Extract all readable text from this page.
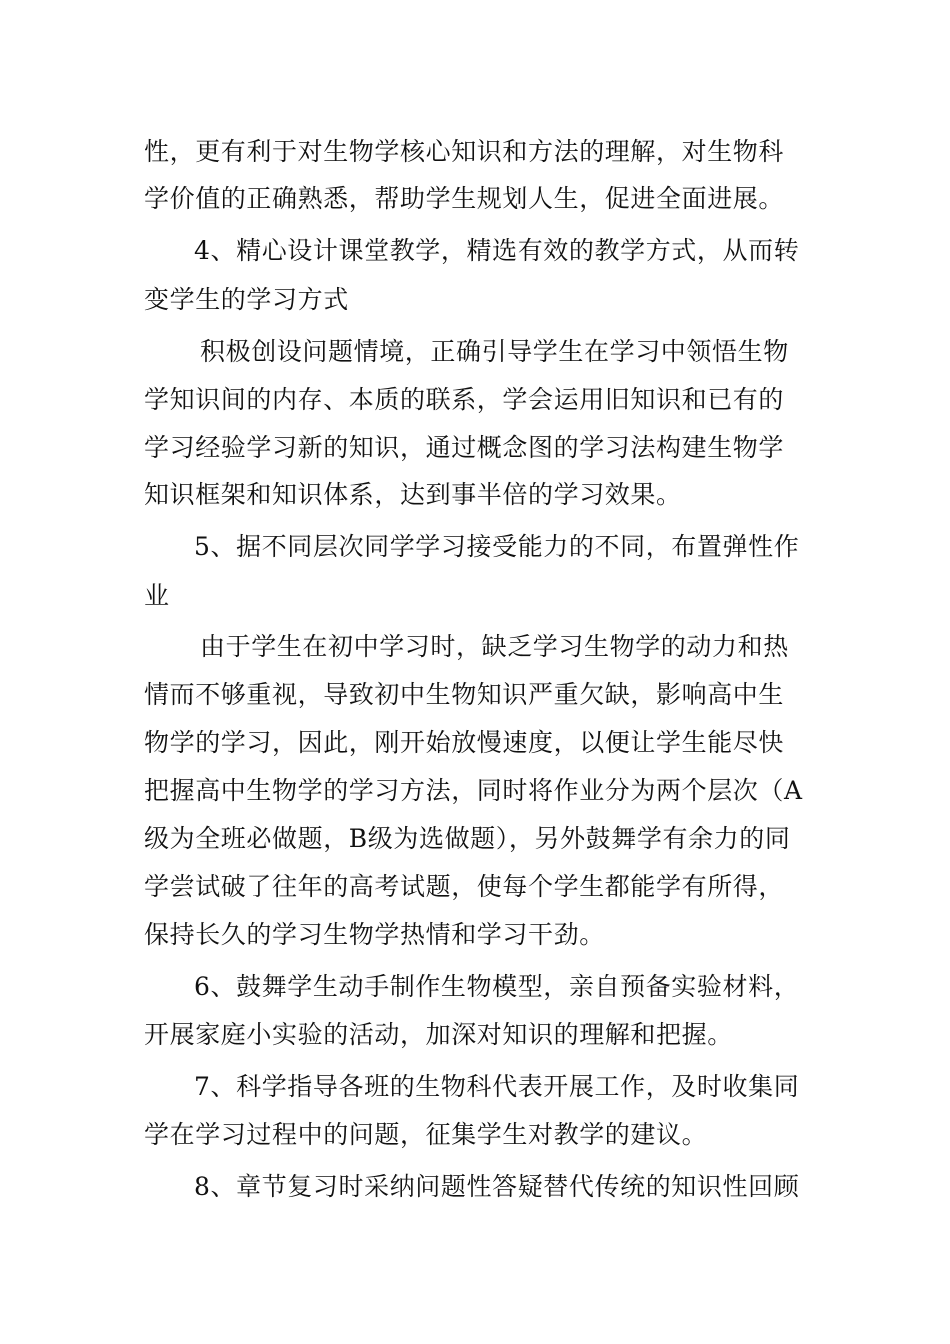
性，更有利于对生物学核心知识和方法的理解，对生物科
学价值的正确熟悉，帮助学生规划人生，促进全面进展。
4、精心设计课堂教学，精选有效的教学方式，从而转
变学生的学习方式
积极创设问题情境，正确引导学生在学习中领悟生物
学知识间的内存、本质的联系，学会运用旧知识和已有的
学习经验学习新的知识，通过概念图的学习法构建生物学
知识框架和知识体系，达到事半倍的学习效果。
5、据不同层次同学学习接受能力的不同，布置弹性作
业
由于学生在初中学习时，缺乏学习生物学的动力和热
情而不够重视，导致初中生物知识严重欠缺，影响高中生
物学的学习，因此，刚开始放慢速度，以便让学生能尽快
把握高中生物学的学习方法，同时将作业分为两个层次（A
级为全班必做题，B级为选做题），另外鼓舞学有余力的同
学尝试破了往年的高考试题，使每个学生都能学有所得，
保持长久的学习生物学热情和学习干劲。
6、鼓舞学生动手制作生物模型，亲自预备实验材料，
开展家庭小实验的活动，加深对知识的理解和把握。
7、科学指导各班的生物科代表开展工作，及时收集同
学在学习过程中的问题，征集学生对教学的建议。
8、章节复习时采纳问题性答疑替代传统的知识性回顾
